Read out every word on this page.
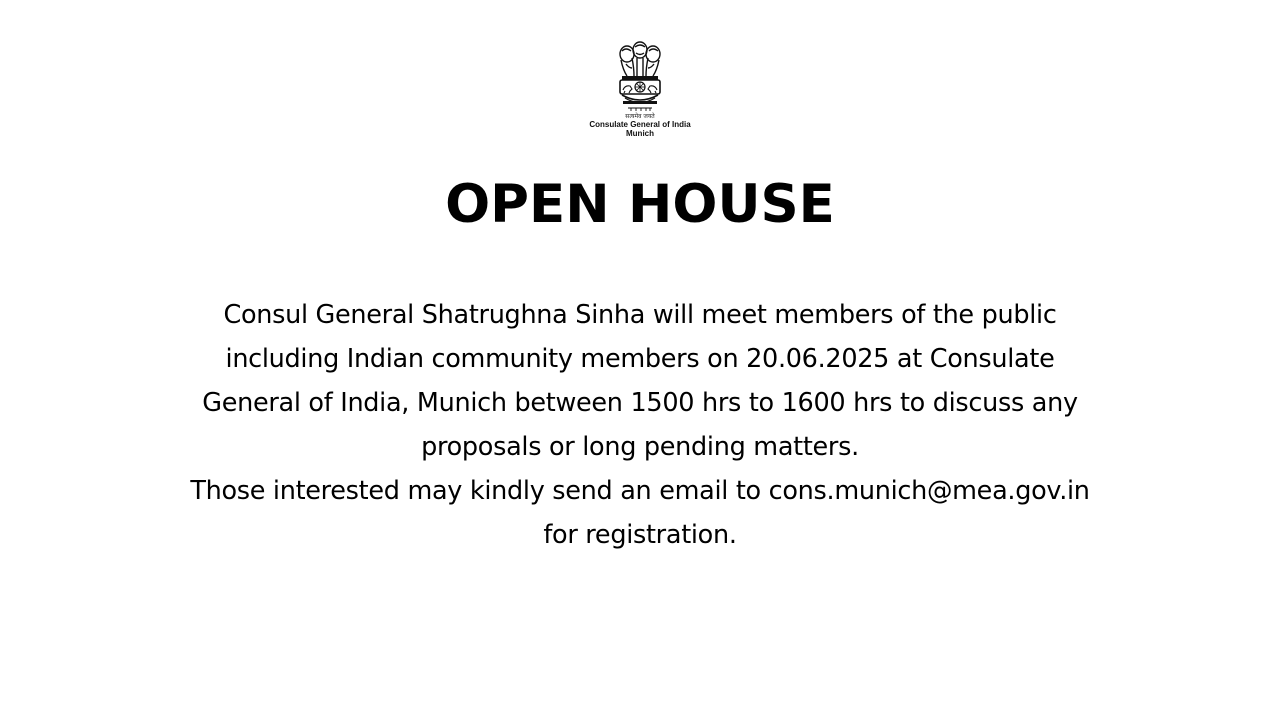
सत्यमेव जयते
Consulate General of India
Munich
OPEN HOUSE
Consul General Shatrughna Sinha will meet members of the public
including Indian community members on 20.06.2025 at Consulate
General of India, Munich between 1500 hrs to 1600 hrs to discuss any
proposals or long pending matters.
Those interested may kindly send an email to cons.munich@mea.gov.in
for registration.
